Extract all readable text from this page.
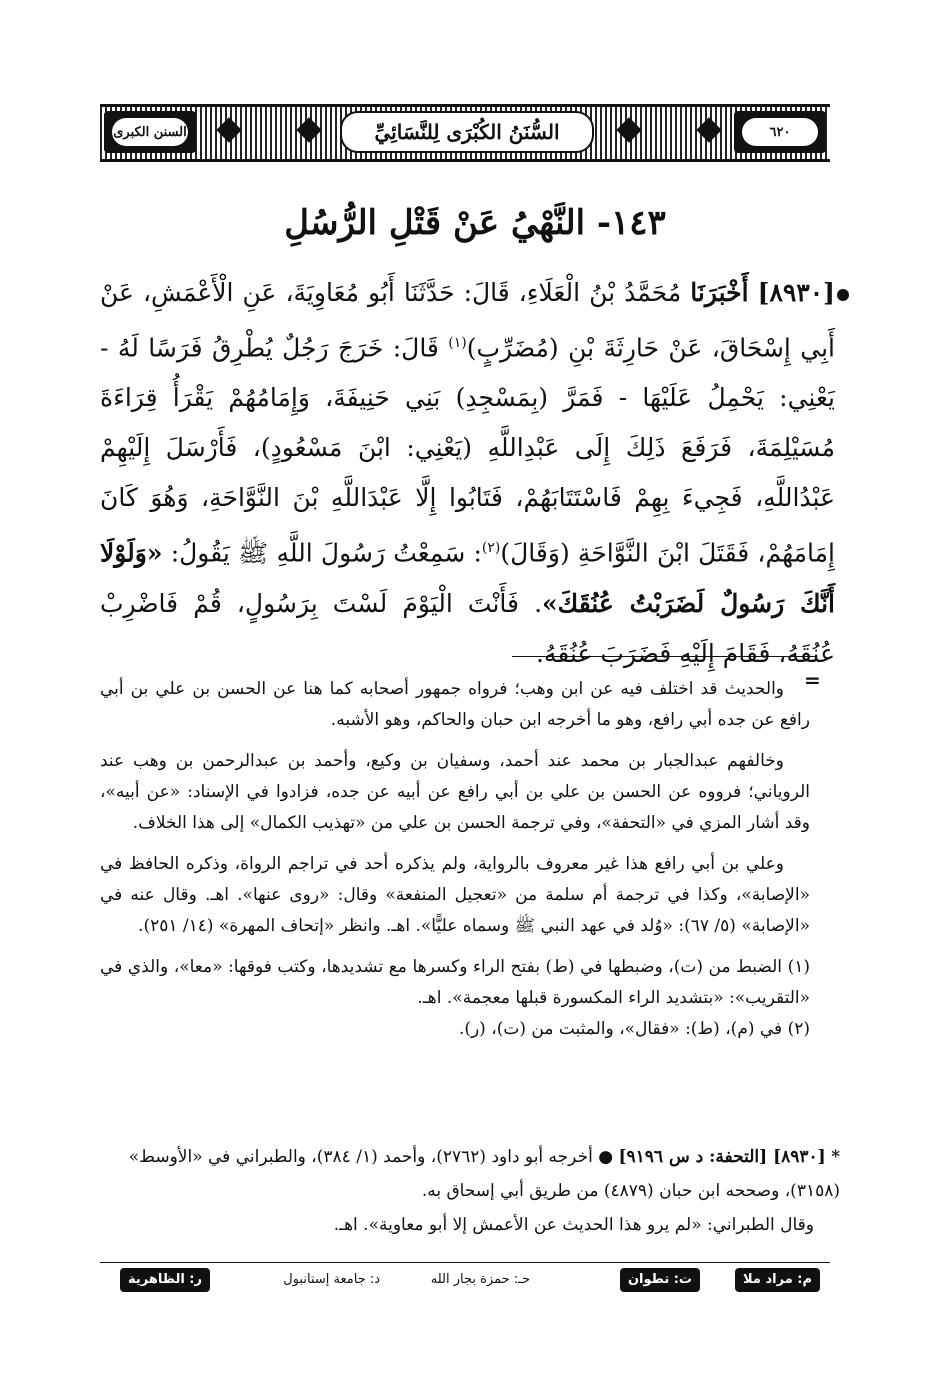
السنن الكبرى	السُّنَنُ الكُبْرَى لِلنَّسَائِيِّ	٦٢٠
١٤٣- النَّهْيُ عَنْ قَتْلِ الرُّسُلِ
[٨٩٣٠] أَخْبَرَنَا مُحَمَّدُ بْنُ الْعَلَاءِ، قَالَ: حَدَّثَنَا أَبُو مُعَاوِيَةَ، عَنِ الْأَعْمَشِ، عَنْ أَبِي إِسْحَاقَ، عَنْ حَارِثَةَ بْنِ (مُضَرِّبٍ)$^{(١)}$ قَالَ: خَرَجَ رَجُلٌ يُطْرِقُ فَرَسًا لَهُ - يَعْنِي: يَحْمِلُ عَلَيْهَا - فَمَرَّ (بِمَسْجِدِ) بَنِي حَنِيفَةَ، وَإِمَامُهُمْ يَقْرَأُ قِرَاءَةَ مُسَيْلِمَةَ، فَرَفَعَ ذَلِكَ إِلَى عَبْدِاللَّهِ (يَعْنِي: ابْنَ مَسْعُودٍ)، فَأَرْسَلَ إِلَيْهِمْ عَبْدُاللَّهِ، فَجِيءَ بِهِمْ فَاسْتَتَابَهُمْ، فَتَابُوا إِلَّا عَبْدَاللَّهِ بْنَ النَّوَّاحَةِ، وَهُوَ كَانَ إِمَامَهُمْ، فَقَتَلَ ابْنَ النَّوَّاحَةِ (وَقَالَ)$^{(٢)}$: سَمِعْتُ رَسُولَ اللَّهِ ﷺ يَقُولُ: «وَلَوْلَا أَنَّكَ رَسُولٌ لَضَرَبْتُ عُنُقَكَ». فَأَنْتَ الْيَوْمَ لَسْتَ بِرَسُولٍ، قُمْ فَاضْرِبْ عُنُقَهُ، فَقَامَ إِلَيْهِ فَضَرَبَ عُنُقَهُ.
=

والحديث قد اختلف فيه عن ابن وهب؛ فرواه جمهور أصحابه كما هنا عن الحسن بن علي بن أبي رافع عن جده أبي رافع، وهو ما أخرجه ابن حبان والحاكم، وهو الأشبه.

وخالفهم عبدالجبار بن محمد عند أحمد، وسفيان بن وكيع، وأحمد بن عبدالرحمن بن وهب عند الروياني؛ فرووه عن الحسن بن علي بن أبي رافع عن أبيه عن جده، فزادوا في الإسناد: «عن أبيه»، وقد أشار المزي في «التحفة»، وفي ترجمة الحسن بن علي من «تهذيب الكمال» إلى هذا الخلاف.

وعلي بن أبي رافع هذا غير معروف بالرواية، ولم يذكره أحد في تراجم الرواة، وذكره الحافظ في «الإصابة»، وكذا في ترجمة أم سلمة من «تعجيل المنفعة» وقال: «روى عنها». اهـ. وقال عنه في «الإصابة» (٥/ ٦٧): «وُلد في عهد النبي ﷺ وسماه عليًّا». اهـ. وانظر «إتحاف المهرة» (١٤/ ٢٥١).

(١) الضبط من (ت)، وضبطها في (ط) بفتح الراء وكسرها مع تشديدها، وكتب فوقها: «معا»، والذي في «التقريب»: «بتشديد الراء المكسورة قبلها معجمة». اهـ.

(٢) في (م)، (ط): «فقال»، والمثبت من (ت)، (ر).

* [٨٩٣٠] [التحفة: د س ٩١٩٦] ● أخرجه أبو داود (٢٧٦٢)، وأحمد (١/ ٣٨٤)، والطبراني في «الأوسط» (٣١٥٨)، وصححه ابن حبان (٤٨٧٩) من طريق أبي إسحاق به.

وقال الطبراني: «لم يرو هذا الحديث عن الأعمش إلا أبو معاوية». اهـ.

م: مراد ملا
ت: تطوان
حـ: حمزة بجار الله
د: جامعة إستانبول
ر: الظاهرية
